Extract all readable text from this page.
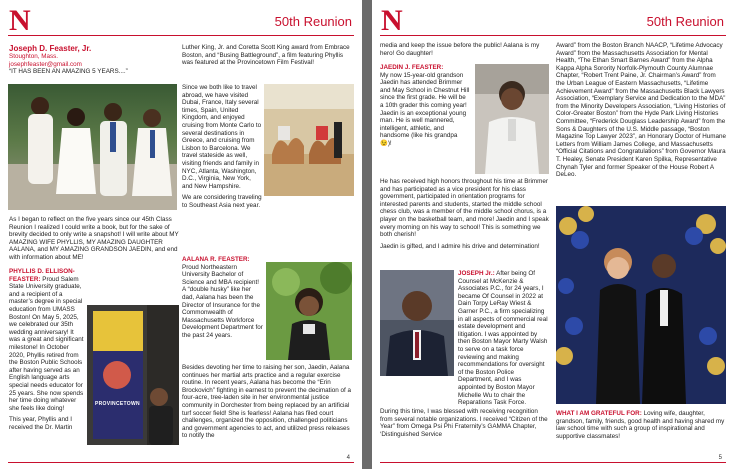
N	50th Reunion
Joseph D. Feaster, Jr.
Stoughton, Mass.
josephfeaster@gmail.com
“IT HAS BEEN AN AMAZING 5 YEARS....”

As I began to reflect on the five years since our 45th Class Reunion I realized I could write a book, but for the sake of brevity decided to only write a snapshot! I will write about MY AMAZING WIFE PHYLLIS, MY AMAZING DAUGHTER AALANA, and MY AMAZING GRANDSON JAEDIN, and end with information about ME!

PHYLLIS D. ELLISON-FEASTER: Proud Salem State University graduate, and a recipient of a master’s degree in special education from UMASS Boston! On May 5, 2025, we celebrated our 35th wedding anniversary! It was a great and significant milestone! In October 2020, Phyllis retired from the Boston Public Schools after having served as an English language arts special needs educator for 25 years. She now spends her time doing whatever she feels like doing!

This year, Phyllis and I received the Dr. Martin

PROVINCETOWN

Luther King, Jr. and Coretta Scott King award from Embrace Boston, and “Busing Battleground”, a film featuring Phyllis was featured at the Provincetown Film Festival!

Since we both like to travel abroad, we have visited Dubai, France, Italy several times, Spain, United Kingdom, and enjoyed cruising from Monte Carlo to several destinations in Greece, and cruising from Lisbon to Barcelona. We travel stateside as well, visiting friends and family in NYC, Atlanta, Washington, D.C., Virginia, New York, and New Hampshire.

We are considering traveling to Southeast Asia next year.

AALANA R. FEASTER:
Proud Northeastern University Bachelor of Science and MBA recipient! A “double husky” like her dad, Aalana has been the Director of Insurance for the Commonwealth of Massachusetts Workforce Development Department for the past 24 years.

Besides devoting her time to raising her son, Jaedin, Aalana continues her martial arts practice and a regular exercise routine. In recent years, Aalana has become the “Erin Brockovich” fighting in earnest to prevent the decimation of a four-acre, tree-laden site in her environmental justice community in Dorchester from being replaced by an artificial turf soccer field! She is fearless! Aalana has filed court challenges, organized the opposition, challenged politicians and government agencies to act, and utilized press releases to notify the

4
N	50th Reunion

media and keep the issue before the public! Aalana is my hero! Go daughter!

JAEDIN J. FEASTER:
My now 15-year-old grandson Jaedin has attended Brimmer and May School in Chestnut Hill since the first grade. He will be a 10th grader this coming year! Jaedin is an exceptional young man. He is well mannered, intelligent, athletic, and handsome (like his grandpa 😉)!

He has received high honors throughout his time at Brimmer and has participated as a vice president for his class government, participated in orientation programs for interested parents and students, started the middle school chess club, was a member of the middle school chorus, is a player on the basketball team, and more! Jaedin and I speak every morning on his way to school! This is something we both cherish!

Jaedin is gifted, and I admire his drive and determination!

JOSEPH Jr.: After being Of Counsel at McKenzie & Associates P.C., for 24 years, I became Of Counsel in 2022 at Dain Torpy LeRay Wiest & Garner P.C., a firm specializing in all aspects of commercial real estate development and litigation. I was appointed by then Boston Mayor Marty Walsh to serve on a task force reviewing and making recommendations for oversight of the Boston Police Department, and I was appointed by Boston Mayor Michelle Wu to chair the Reparations Task Force.

During this time, I was blessed with receiving recognition from several notable organizations. I received “Citizen of the Year” from Omega Psi Phi Fraternity’s GAMMA Chapter, ‘Distinguished Service

Award” from the Boston Branch NAACP, “Lifetime Advocacy Award” from the Massachusetts Association for Mental Health, “The Ethan Smart Barnes Award” from the Alpha Kappa Alpha Sorority Norfolk-Plymouth County Alumnae Chapter, “Robert Trent Paine, Jr. Chairman’s Award” from the Urban League of Eastern Massachusetts, “Lifetime Achievement Award” from the Massachusetts Black Lawyers Association, “Exemplary Service and Dedication to the MDA” from the Minority Developers Association, “Living Histories of Color-Greater Boston” from the Hyde Park Living Histories Committee, “Frederick Douglass Leadership Award” from the Sons & Daughters of the U.S. Middle passage, “Boston Magazine Top Lawyer 2023”, an Honorary Doctor of Humane Letters from William James College, and Massachusetts “Official Citations and Congratulations” from Governor Maura T. Healey, Senate President Karen Spilka, Representative Chynah Tyler and former Speaker of the House Robert A DeLeo.

WHAT I AM GRATEFUL FOR: Loving wife, daughter, grandson, family, friends, good health and having shared my law school time with such a group of inspirational and supportive classmates!

5
